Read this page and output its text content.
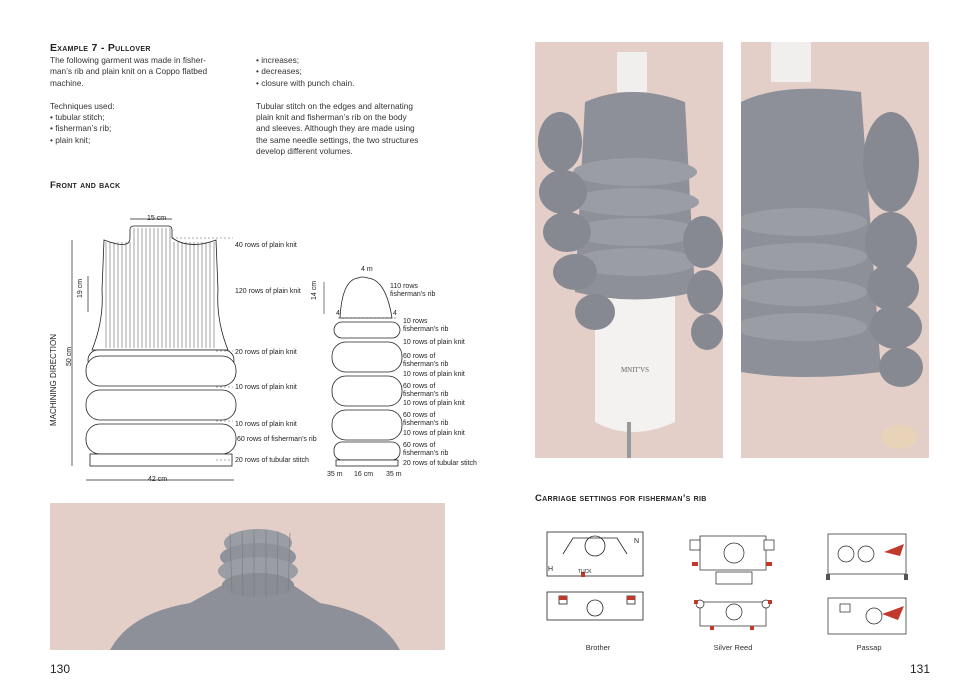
Example 7 - Pullover
The following garment was made in fisher-
man’s rib and plain knit on a Coppo flatbed
machine.

Techniques used:
• tubular stitch;
• fisherman’s rib;
• plain knit;
• increases;
• decreases;
• closure with punch chain.

Tubular stitch on the edges and alternating
plain knit and fisherman’s rib on the body
and sleeves. Although they are made using
the same needle settings, the two structures
develop different volumes.
Front and back
15 cm
42 cm
19 cm
50 cm
MACHINING DIRECTION
40 rows of plain knit
120 rows of plain knit
20 rows of plain knit
10 rows of plain knit
10 rows of plain knit
60 rows of fisherman’s rib
20 rows of tubular stitch
4 m
14 cm
4	4
35 m 16 cm 35 m
110 rows
fisherman’s rib
10 rows
fisherman’s rib
10 rows of plain knit
60 rows of
fisherman’s rib
10 rows of plain knit
60 rows of
fisherman’s rib
10 rows of plain knit
60 rows of
fisherman’s rib
10 rows of plain knit
60 rows of
fisherman’s rib
20 rows of tubular stitch
130
MNIT'VS
Carriage settings for fisherman’s rib
N
H	TUCK
Brother	Silver Reed	Passap
131
